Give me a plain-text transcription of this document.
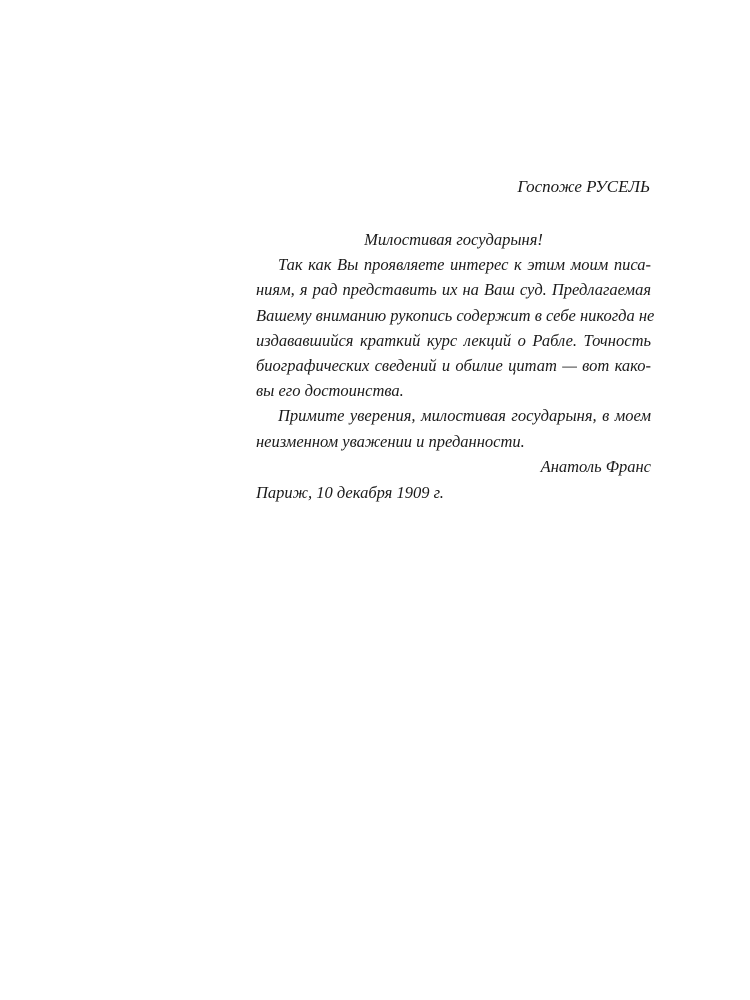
Госпоже РУСЕЛЬ

Милостивая государыня!

Так как Вы проявляете интерес к этим моим писа-
ниям, я рад представить их на Ваш суд. Предлагаемая
Вашему вниманию рукопись содержит в себе никогда не
издававшийся краткий курс лекций о Рабле. Точность
биографических сведений и обилие цитат — вот како-
вы его достоинства.
Примите уверения, милостивая государыня, в моем
неизменном уважении и преданности.

Анатоль Франс

Париж, 10 декабря 1909 г.
